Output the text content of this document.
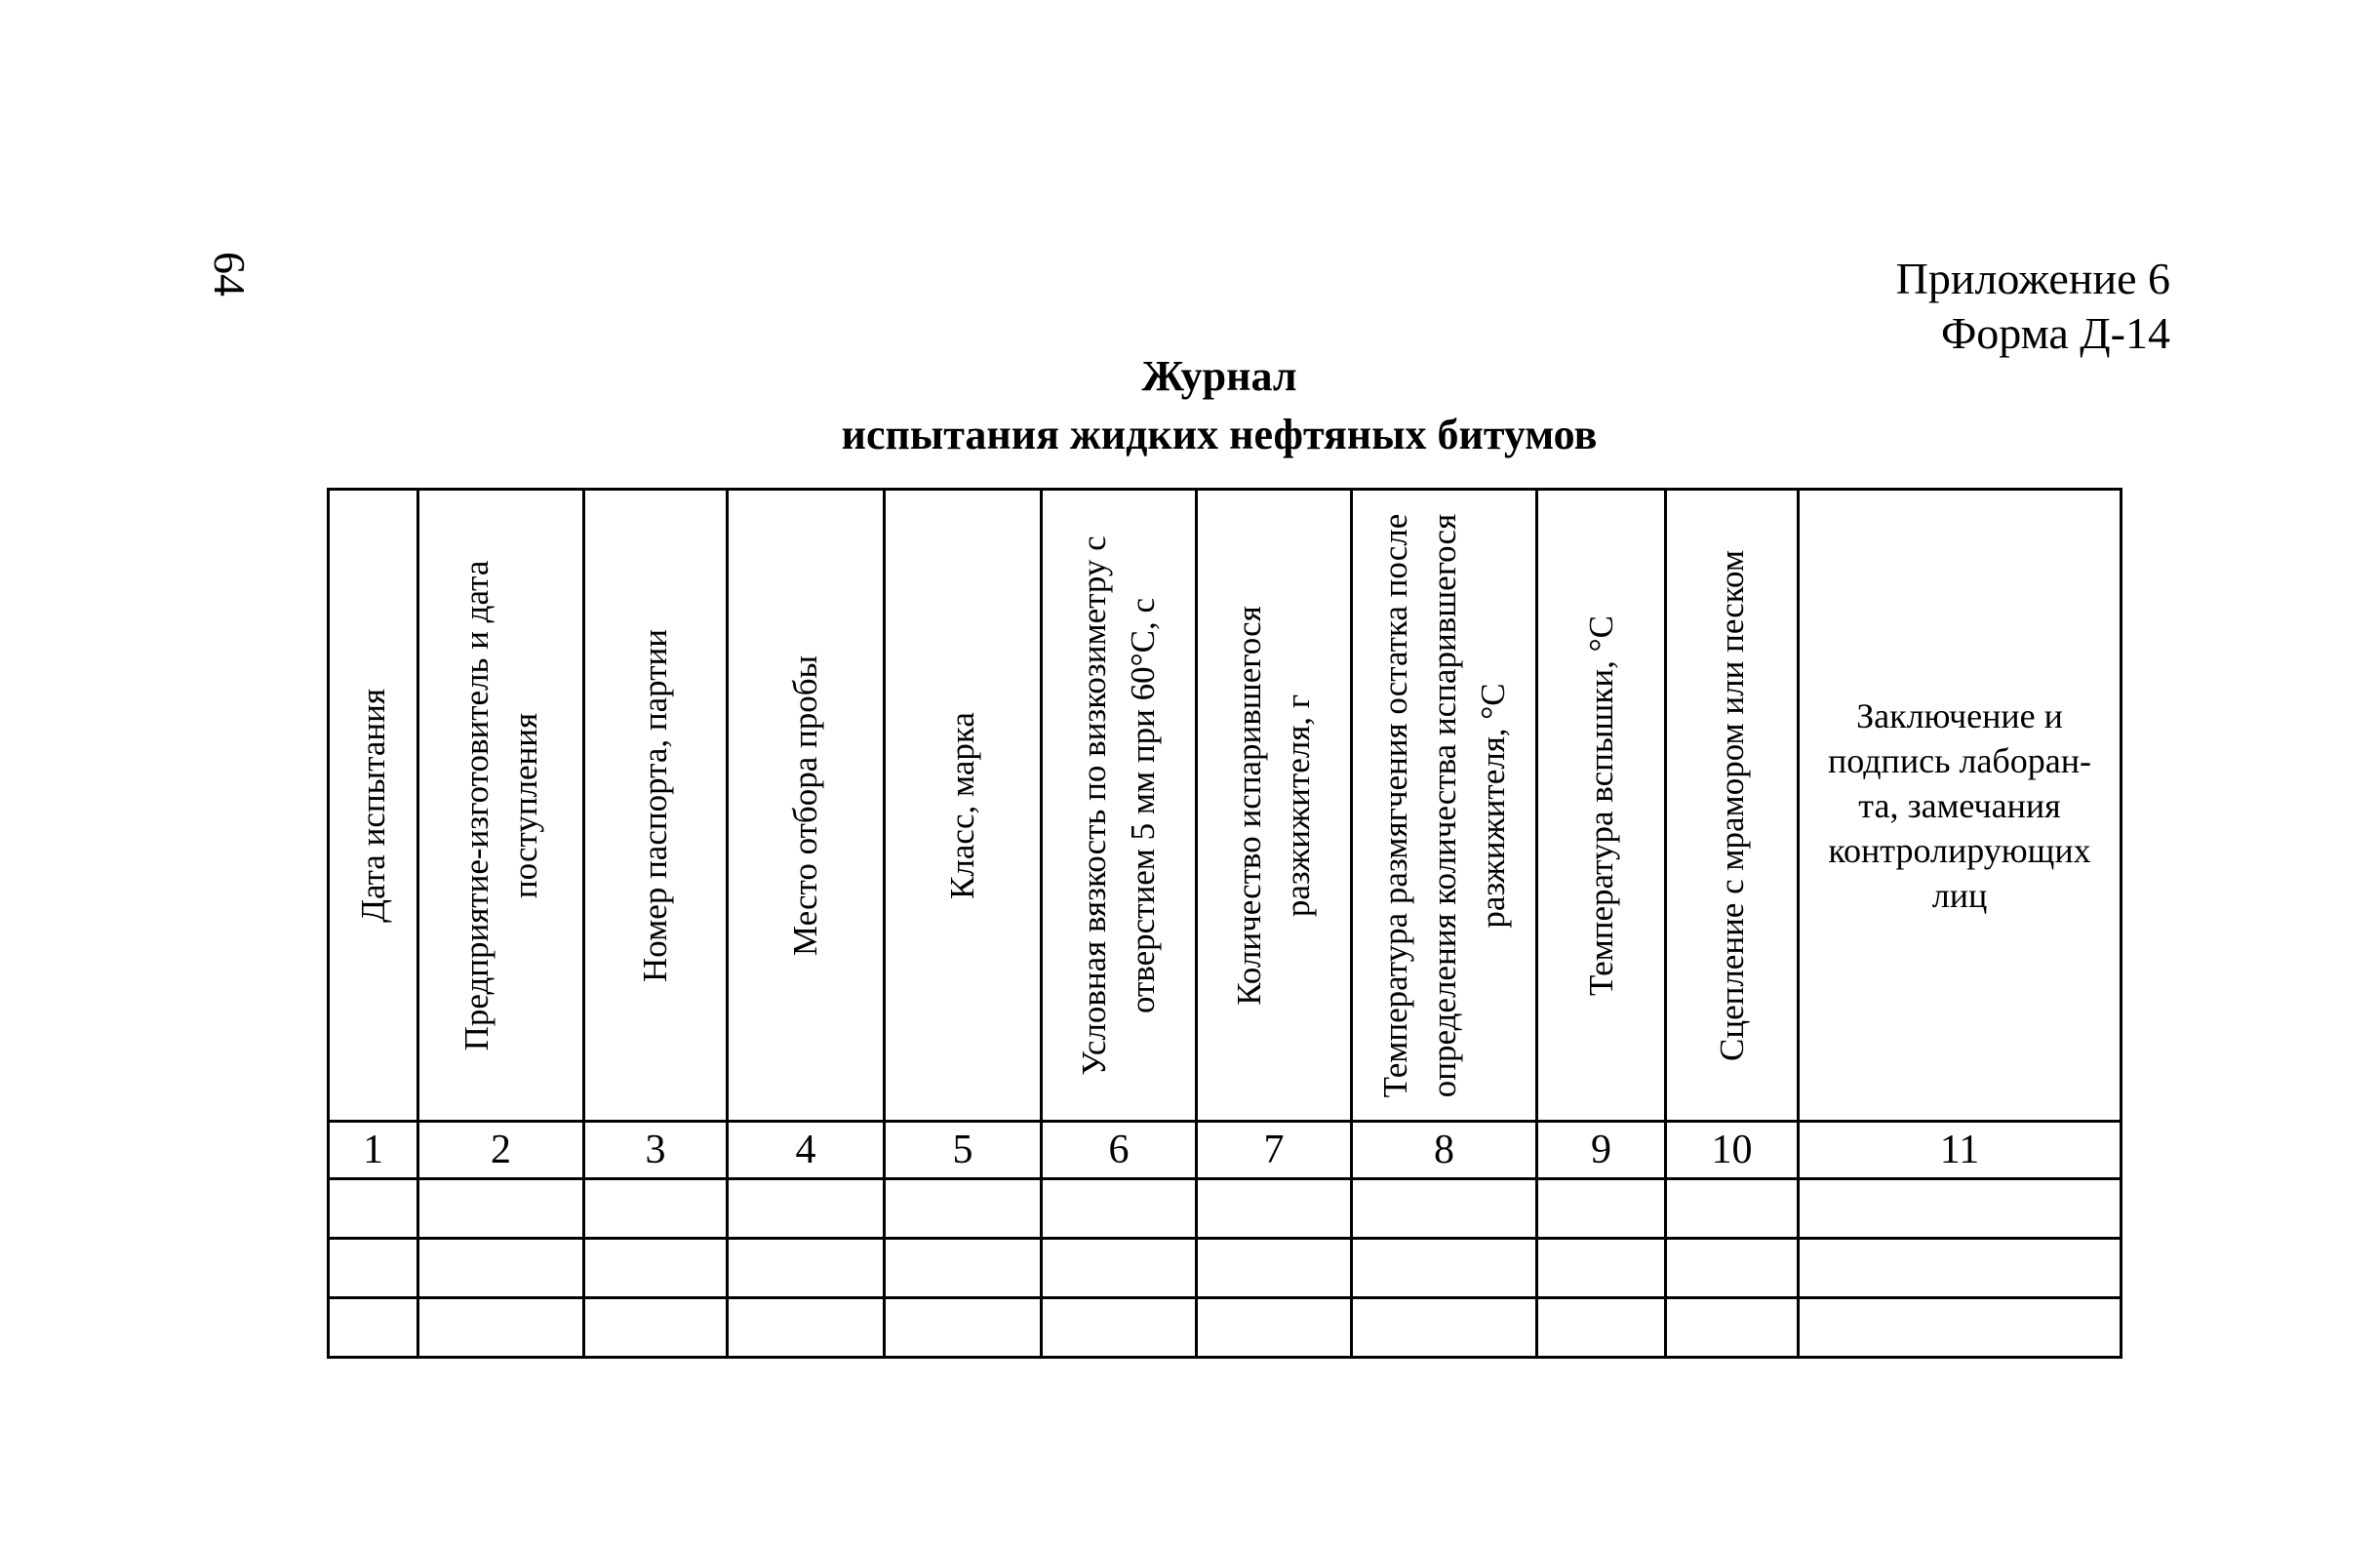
64	Приложение 6
Форма Д-14
Журнал
испытания жидких нефтяных битумов
Дата испытания	Предприятие-изготовитель и дата поступления	Номер паспорта, партии	Место отбора пробы	Класс, марка	Условная вязкость по визкозиметру с отверстием 5 мм при 60°С, с	Количество испарившегося разжижителя, г	Температура размягчения остатка после определения количества испарившегося разжижителя, °С	Температура вспышки, °С	Сцепление с мрамором или песком	Заключение и подпись лаборан-та, замечания контролирующих лиц

1	2	3	4	5	6	7	8	9	10	11
